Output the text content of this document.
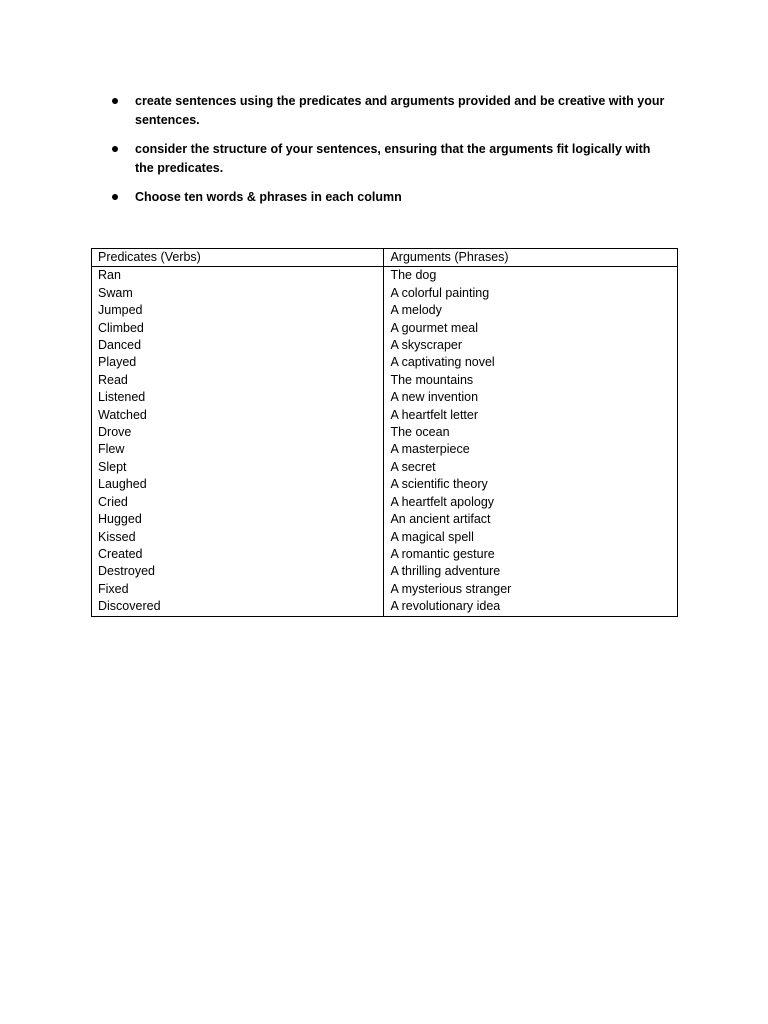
create sentences using the predicates and arguments provided and be creative with your sentences.
consider the structure of your sentences, ensuring that the arguments fit logically with the predicates.
Choose ten words & phrases in each column
Predicates (Verbs)	Arguments (Phrases)
Ran	The dog
Swam	A colorful painting
Jumped	A melody
Climbed	A gourmet meal
Danced	A skyscraper
Played	A captivating novel
Read	The mountains
Listened	A new invention
Watched	A heartfelt letter
Drove	The ocean
Flew	A masterpiece
Slept	A secret
Laughed	A scientific theory
Cried	A heartfelt apology
Hugged	An ancient artifact
Kissed	A magical spell
Created	A romantic gesture
Destroyed	A thrilling adventure
Fixed	A mysterious stranger
Discovered	A revolutionary idea
